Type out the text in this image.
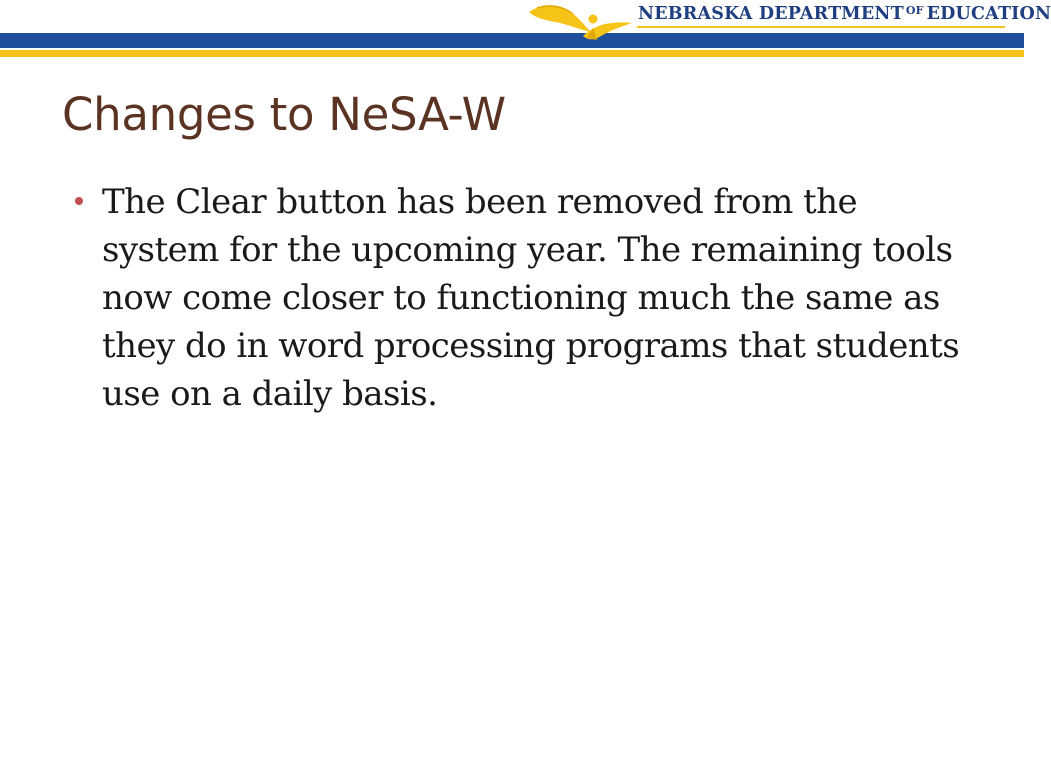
NEBRASKA DEPARTMENT $^{OF}$ EDUCATION
Changes to NeSA-W
The Clear button has been removed from the system for the upcoming year. The remaining tools now come closer to functioning much the same as they do in word processing programs that students use on a daily basis.
